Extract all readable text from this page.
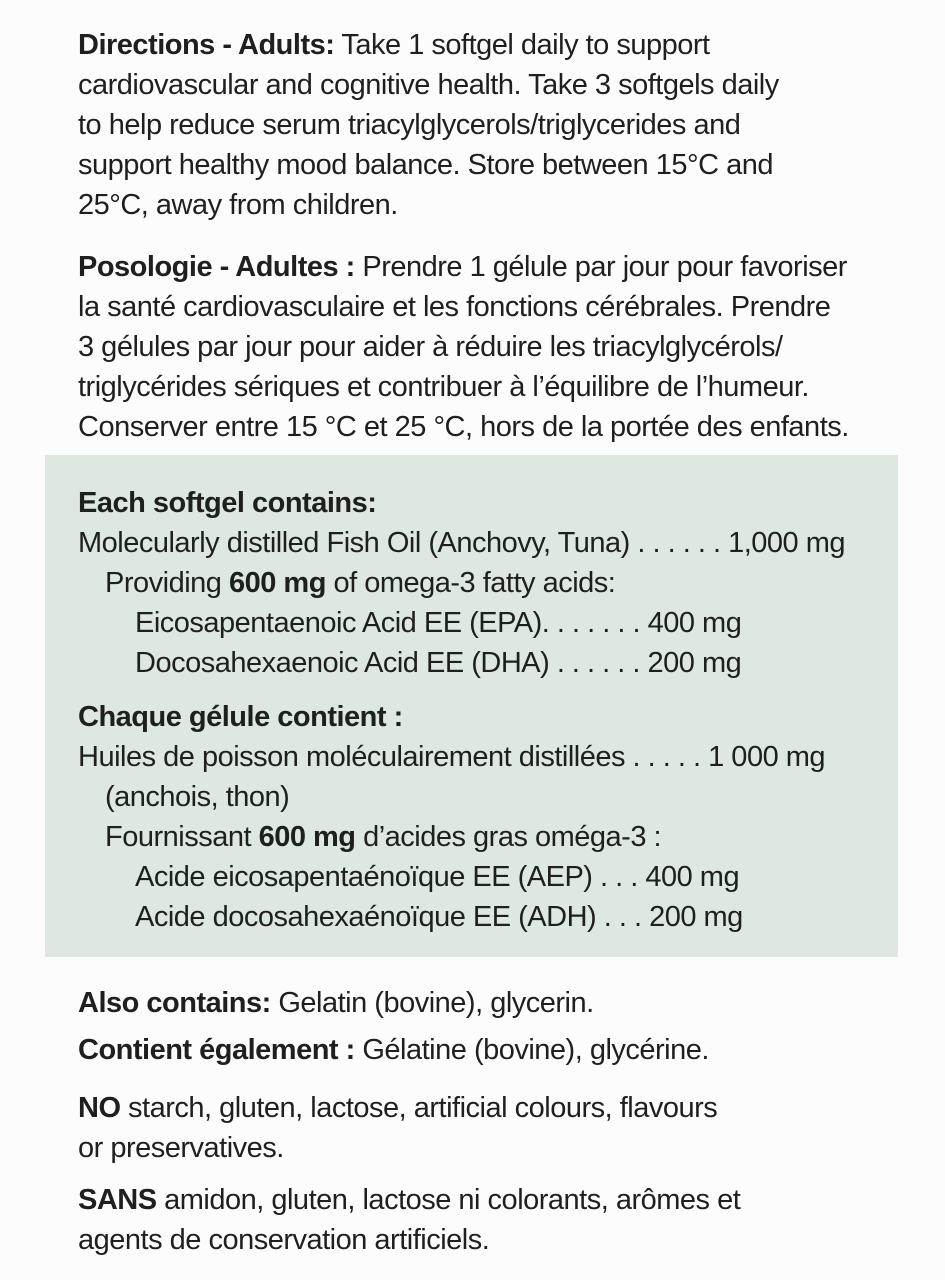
Directions - Adults: Take 1 softgel daily to support
cardiovascular and cognitive health. Take 3 softgels daily
to help reduce serum triacylglycerols/triglycerides and
support healthy mood balance. Store between 15°C and
25°C, away from children.
Posologie - Adultes : Prendre 1 gélule par jour pour favoriser
la santé cardiovasculaire et les fonctions cérébrales. Prendre
3 gélules par jour pour aider à réduire les triacylglycérols/
triglycérides sériques et contribuer à l’équilibre de l’humeur.
Conserver entre 15 °C et 25 °C, hors de la portée des enfants.
Each softgel contains:
Molecularly distilled Fish Oil (Anchovy, Tuna) . . . . . . 1,000 mg
Providing 600 mg of omega-3 fatty acids:
Eicosapentaenoic Acid EE (EPA). . . . . . . 400 mg
Docosahexaenoic Acid EE (DHA) . . . . . . 200 mg
Chaque gélule contient :
Huiles de poisson moléculairement distillées . . . . . 1 000 mg
(anchois, thon)
Fournissant 600 mg d’acides gras oméga-3 :
Acide eicosapentaénoïque EE (AEP) . . . 400 mg
Acide docosahexaénoïque EE (ADH) . . . 200 mg
Also contains: Gelatin (bovine), glycerin.
Contient également : Gélatine (bovine), glycérine.
NO starch, gluten, lactose, artificial colours, flavours
or preservatives.
SANS amidon, gluten, lactose ni colorants, arômes et
agents de conservation artificiels.
